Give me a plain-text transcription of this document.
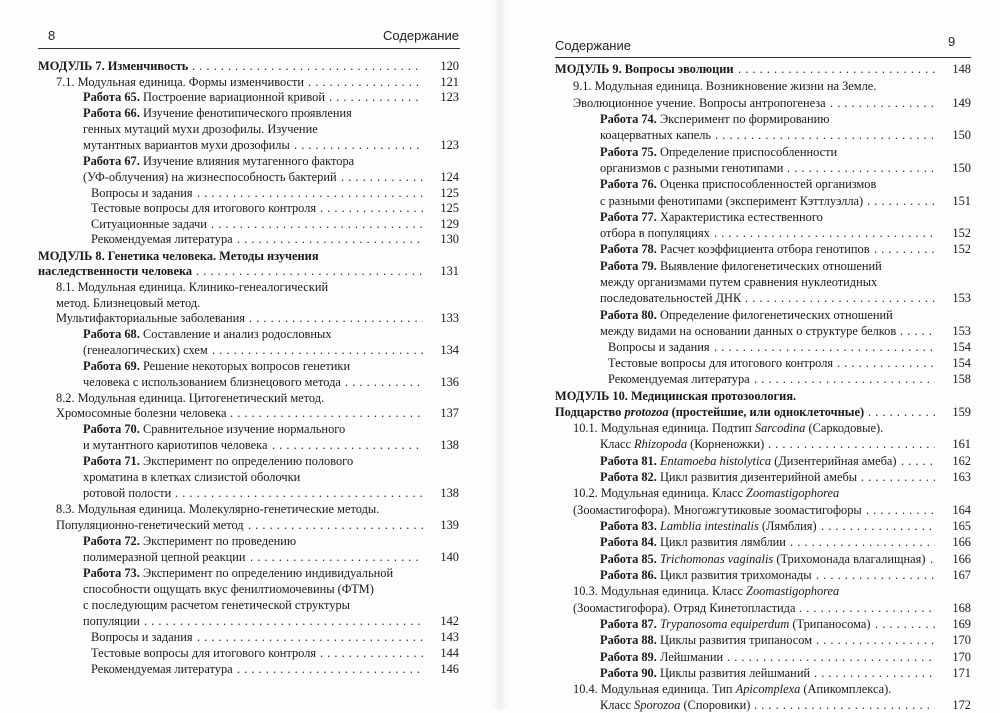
8	Содержание
МОДУЛЬ 7. Изменчивость . . .	120
7.1. Модульная единица. Формы изменчивости . . .	121
Работа 65. Построение вариационной кривой . . .	123
Работа 66. Изучение фенотипического проявления
генных мутаций мухи дрозофилы. Изучение
мутантных вариантов мухи дрозофилы . . .	123
Работа 67. Изучение влияния мутагенного фактора
(УФ-облучения) на жизнеспособность бактерий . . .	124
Вопросы и задания . . .	125
Тестовые вопросы для итогового контроля . . .	125
Ситуационные задачи . . .	129
Рекомендуемая литература . . .	130
МОДУЛЬ 8. Генетика человека. Методы изучения
наследственности человека . . .	131
8.1. Модульная единица. Клинико-генеалогический
метод. Близнецовый метод.
Мультифакториальные заболевания . . .	133
Работа 68. Составление и анализ родословных
(генеалогических) схем . . .	134
Работа 69. Решение некоторых вопросов генетики
человека с использованием близнецового метода . . .	136
8.2. Модульная единица. Цитогенетический метод.
Хромосомные болезни человека . . .	137
Работа 70. Сравнительное изучение нормального
и мутантного кариотипов человека . . .	138
Работа 71. Эксперимент по определению полового
хроматина в клетках слизистой оболочки
ротовой полости . . .	138
8.3. Модульная единица. Молекулярно-генетические методы.
Популяционно-генетический метод . . .	139
Работа 72. Эксперимент по проведению
полимеразной цепной реакции . . .	140
Работа 73. Эксперимент по определению индивидуальной
способности ощущать вкус фенилтиомочевины (ФТМ)
с последующим расчетом генетической структуры
популяции . . .	142
Вопросы и задания . . .	143
Тестовые вопросы для итогового контроля . . .	144
Рекомендуемая литература . . .	146
Содержание	9
МОДУЛЬ 9. Вопросы эволюции . . .	148
9.1. Модульная единица. Возникновение жизни на Земле.
Эволюционное учение. Вопросы антропогенеза . . .	149
Работа 74. Эксперимент по формированию
коацерватных капель . . .	150
Работа 75. Определение приспособленности
организмов с разными генотипами . . .	150
Работа 76. Оценка приспособленностей организмов
с разными фенотипами (эксперимент Кэттлуэлла) . . .	151
Работа 77. Характеристика естественного
отбора в популяциях . . .	152
Работа 78. Расчет коэффициента отбора генотипов . . .	152
Работа 79. Выявление филогенетических отношений
между организмами путем сравнения нуклеотидных
последовательностей ДНК . . .	153
Работа 80. Определение филогенетических отношений
между видами на основании данных о структуре белков . . .	153
Вопросы и задания . . .	154
Тестовые вопросы для итогового контроля . . .	154
Рекомендуемая литература . . .	158
МОДУЛЬ 10. Медицинская протозоология.
Подцарство protozoa (простейшие, или одноклеточные) . . .	159
10.1. Модульная единица. Подтип Sarcodina (Саркодовые).
Класс Rhizopoda (Корненожки) . . .	161
Работа 81. Entamoeba histolytica (Дизентерийная амеба) . . .	162
Работа 82. Цикл развития дизентерийной амебы . . .	163
10.2. Модульная единица. Класс Zoomastigophorea
(Зоомастигофора). Многожгутиковые зоомастигофоры . . .	164
Работа 83. Lamblia intestinalis (Лямблия) . . .	165
Работа 84. Цикл развития лямблии . . .	166
Работа 85. Trichomonas vaginalis (Трихомонада влагалищная) . . .	166
Работа 86. Цикл развития трихомонады . . .	167
10.3. Модульная единица. Класс Zoomastigophorea
(Зоомастигофора). Отряд Кинетопластида . . .	168
Работа 87. Trypanosoma equiperdum (Трипаносома) . . .	169
Работа 88. Циклы развития трипаносом . . .	170
Работа 89. Лейшмании . . .	170
Работа 90. Циклы развития лейшманий . . .	171
10.4. Модульная единица. Тип Apicomplexa (Апикомплекса).
Класс Sporozoa (Споровики) . . .	172
